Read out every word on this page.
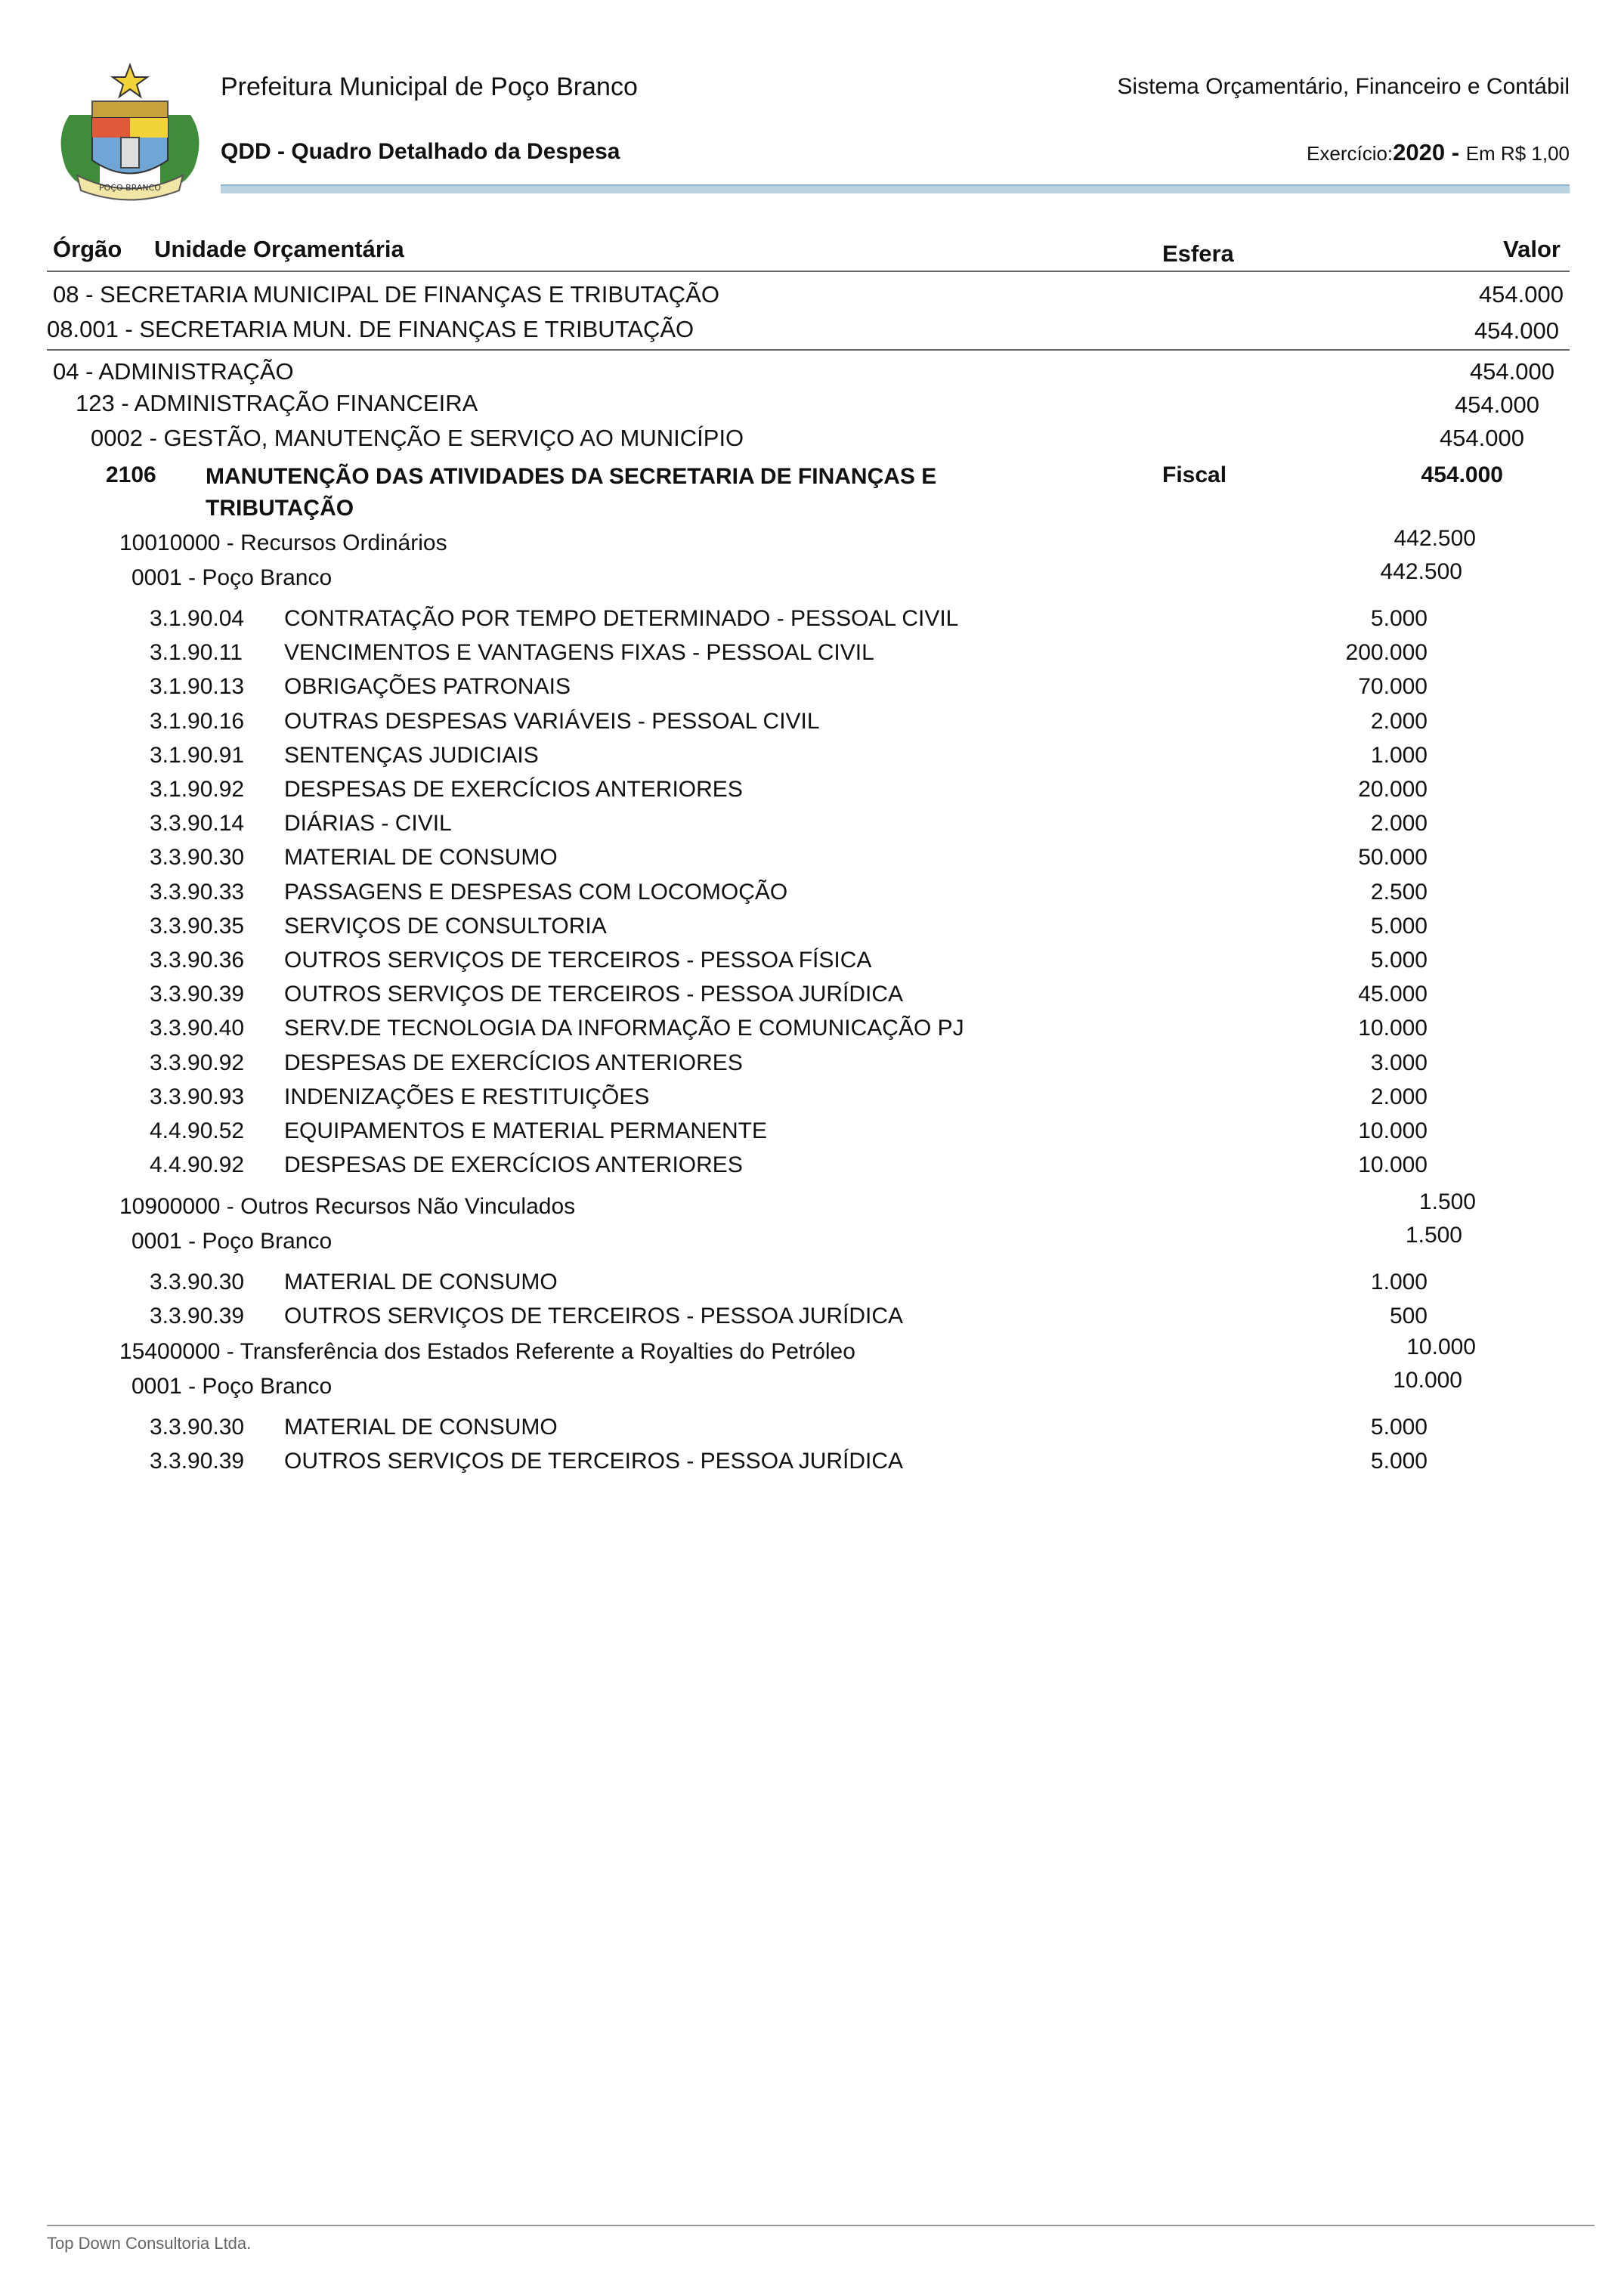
POÇO BRANCO
Prefeitura Municipal de Poço Branco	Sistema Orçamentário, Financeiro e Contábil
QDD - Quadro Detalhado da Despesa	Exercício:2020 - Em R$ 1,00
Órgão Unidade Orçamentária	Esfera	Valor
08 - SECRETARIA MUNICIPAL DE FINANÇAS E TRIBUTAÇÃO	454.000
08.001 - SECRETARIA MUN. DE FINANÇAS E TRIBUTAÇÃO	454.000
04 - ADMINISTRAÇÃO	454.000
123 - ADMINISTRAÇÃO FINANCEIRA	454.000
0002 - GESTÃO, MANUTENÇÃO E SERVIÇO AO MUNICÍPIO	454.000
2106 MANUTENÇÃO DAS ATIVIDADES DA SECRETARIA DE FINANÇAS E
TRIBUTAÇÃO
Fiscal	454.000
10010000 - Recursos Ordinários	442.500
0001 - Poço Branco	442.500
3.1.90.04 CONTRATAÇÃO POR TEMPO DETERMINADO - PESSOAL CIVIL	5.000
3.1.90.11 VENCIMENTOS E VANTAGENS FIXAS - PESSOAL CIVIL	200.000
3.1.90.13 OBRIGAÇÕES PATRONAIS	70.000
3.1.90.16 OUTRAS DESPESAS VARIÁVEIS - PESSOAL CIVIL	2.000
3.1.90.91 SENTENÇAS JUDICIAIS	1.000
3.1.90.92 DESPESAS DE EXERCÍCIOS ANTERIORES	20.000
3.3.90.14 DIÁRIAS - CIVIL	2.000
3.3.90.30 MATERIAL DE CONSUMO	50.000
3.3.90.33 PASSAGENS E DESPESAS COM LOCOMOÇÃO	2.500
3.3.90.35 SERVIÇOS DE CONSULTORIA	5.000
3.3.90.36 OUTROS SERVIÇOS DE TERCEIROS - PESSOA FÍSICA	5.000
3.3.90.39 OUTROS SERVIÇOS DE TERCEIROS - PESSOA JURÍDICA	45.000
3.3.90.40 SERV.DE TECNOLOGIA DA INFORMAÇÃO E COMUNICAÇÃO PJ	10.000
3.3.90.92 DESPESAS DE EXERCÍCIOS ANTERIORES	3.000
3.3.90.93 INDENIZAÇÕES E RESTITUIÇÕES	2.000
4.4.90.52 EQUIPAMENTOS E MATERIAL PERMANENTE	10.000
4.4.90.92 DESPESAS DE EXERCÍCIOS ANTERIORES	10.000
10900000 - Outros Recursos Não Vinculados	1.500
0001 - Poço Branco	1.500
3.3.90.30 MATERIAL DE CONSUMO	1.000
3.3.90.39 OUTROS SERVIÇOS DE TERCEIROS - PESSOA JURÍDICA	500
15400000 - Transferência dos Estados Referente a Royalties do Petróleo	10.000
0001 - Poço Branco	10.000
3.3.90.30 MATERIAL DE CONSUMO	5.000
3.3.90.39 OUTROS SERVIÇOS DE TERCEIROS - PESSOA JURÍDICA	5.000
Top Down Consultoria Ltda.
